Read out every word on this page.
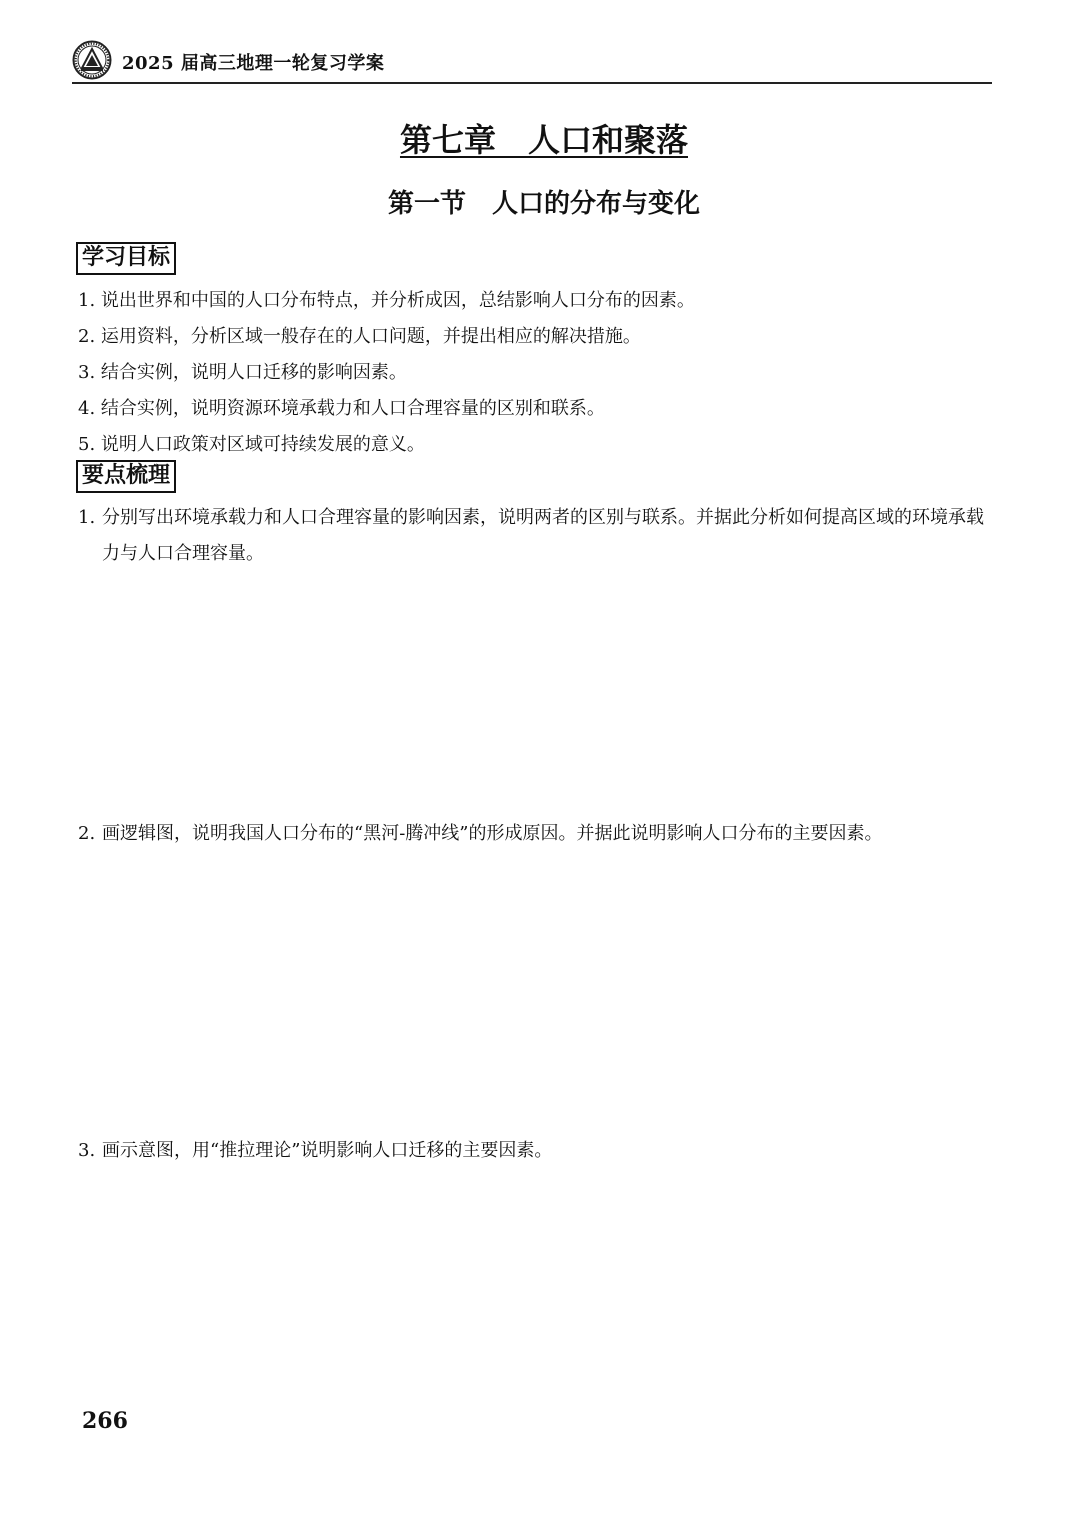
2025 届高三地理一轮复习学案
第七章　人口和聚落
第一节　人口的分布与变化
学习目标
1. 说出世界和中国的人口分布特点，并分析成因，总结影响人口分布的因素。
2. 运用资料，分析区域一般存在的人口问题，并提出相应的解决措施。
3. 结合实例，说明人口迁移的影响因素。
4. 结合实例，说明资源环境承载力和人口合理容量的区别和联系。
5. 说明人口政策对区域可持续发展的意义。
要点梳理
1. 分别写出环境承载力和人口合理容量的影响因素，说明两者的区别与联系。并据此分析如何提高区域的环境承载力与人口合理容量。
2. 画逻辑图，说明我国人口分布的“黑河-腾冲线”的形成原因。并据此说明影响人口分布的主要因素。
3. 画示意图，用“推拉理论”说明影响人口迁移的主要因素。
266
